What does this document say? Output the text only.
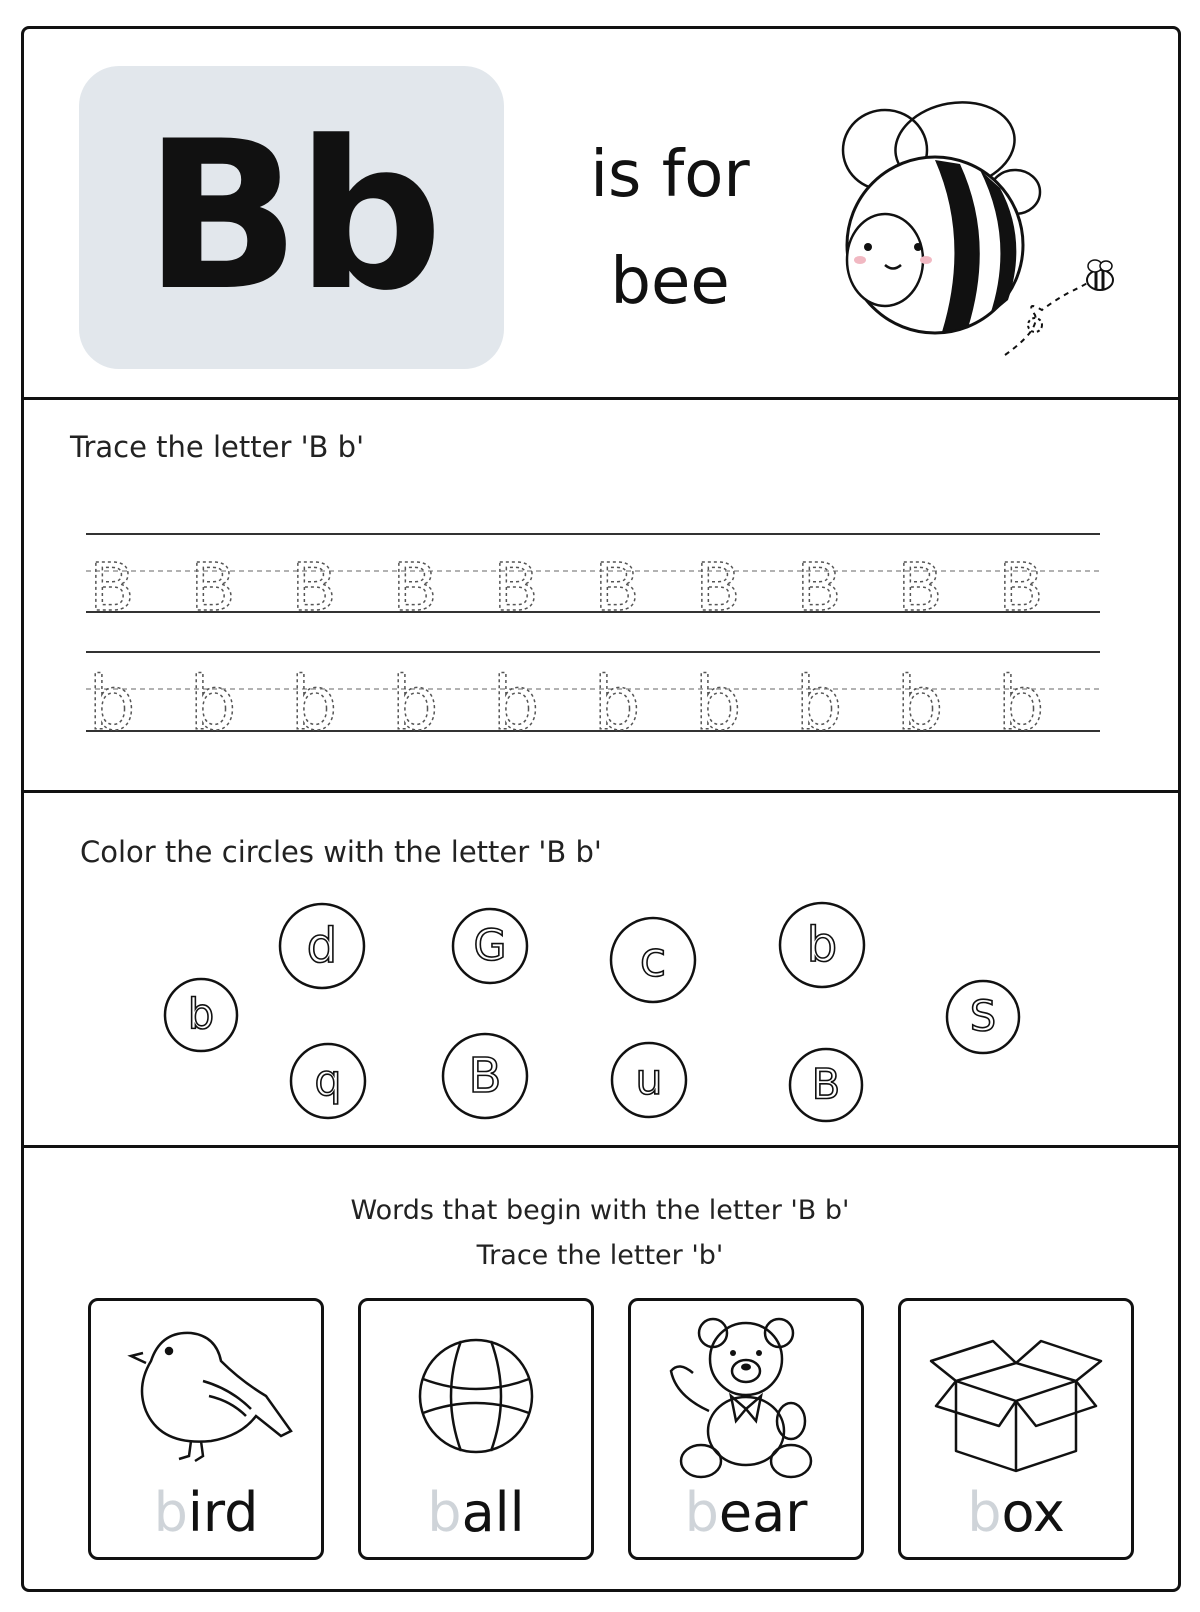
Bb	is for
bee
Trace the letter 'B b'
B B B B B B B B B B
b b b b b b b b b b
Color the circles with the letter 'B b'
d	G	c	b
b	S
q	B	u	B
Words that begin with the letter 'B b'
Trace the letter 'b'
bird	ball	bear	box
